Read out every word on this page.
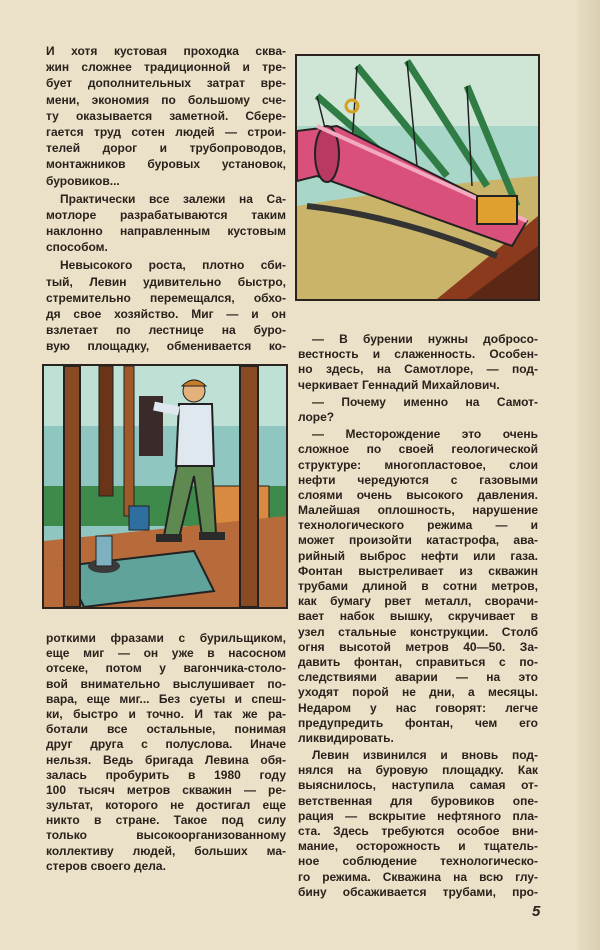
И хотя кустовая проходка сква-
жин сложнее традиционной и тре-
бует дополнительных затрат вре-
мени, экономия по большому сче-
ту оказывается заметной. Сбере-
гается труд сотен людей — строи-
телей дорог и трубопроводов,
монтажников буровых установок,
буровиков...
Практически все залежи на Са-
мотлоре разрабатываются таким
наклонно направленным кустовым
способом.
Невысокого роста, плотно сби-
тый, Левин удивительно быстро,
стремительно перемещался, обхо-
дя свое хозяйство. Миг — и он
взлетает по лестнице на буро-
вую площадку, обменивается ко-
роткими фразами с бурильщиком,
еще миг — он уже в насосном
отсеке, потом у вагончика-столо-
вой внимательно выслушивает по-
вара, еще миг... Без суеты и спеш-
ки, быстро и точно. И так же ра-
ботали все остальные, понимая
друг друга с полуслова. Иначе
нельзя. Ведь бригада Левина обя-
залась пробурить в 1980 году
100 тысяч метров скважин — ре-
зультат, которого не достигал еще
никто в стране. Такое под силу
только высокоорганизованному
коллективу людей, больших ма-
стеров своего дела.
— В бурении нужны добросо-
вестность и слаженность. Особен-
но здесь, на Самотлоре, — под-
черкивает Геннадий Михайлович.
— Почему именно на Самот-
лоре?
— Месторождение это очень
сложное по своей геологической
структуре: многопластовое, слои
нефти чередуются с газовыми
слоями очень высокого давления.
Малейшая оплошность, нарушение
технологического режима — и
может произойти катастрофа, ава-
рийный выброс нефти или газа.
Фонтан выстреливает из скважин
трубами длиной в сотни метров,
как бумагу рвет металл, сворачи-
вает набок вышку, скручивает в
узел стальные конструкции. Столб
огня высотой метров 40—50. За-
давить фонтан, справиться с по-
следствиями аварии — на это
уходят порой не дни, а месяцы.
Недаром у нас говорят: легче
предупредить фонтан, чем его
ликвидировать.
Левин извинился и вновь под-
нялся на буровую площадку. Как
выяснилось, наступила самая от-
ветственная для буровиков опе-
рация — вскрытие нефтяного пла-
ста. Здесь требуются особое вни-
мание, осторожность и тщатель-
ное соблюдение технологическо-
го режима. Скважина на всю глу-
бину обсаживается трубами, про-
5
